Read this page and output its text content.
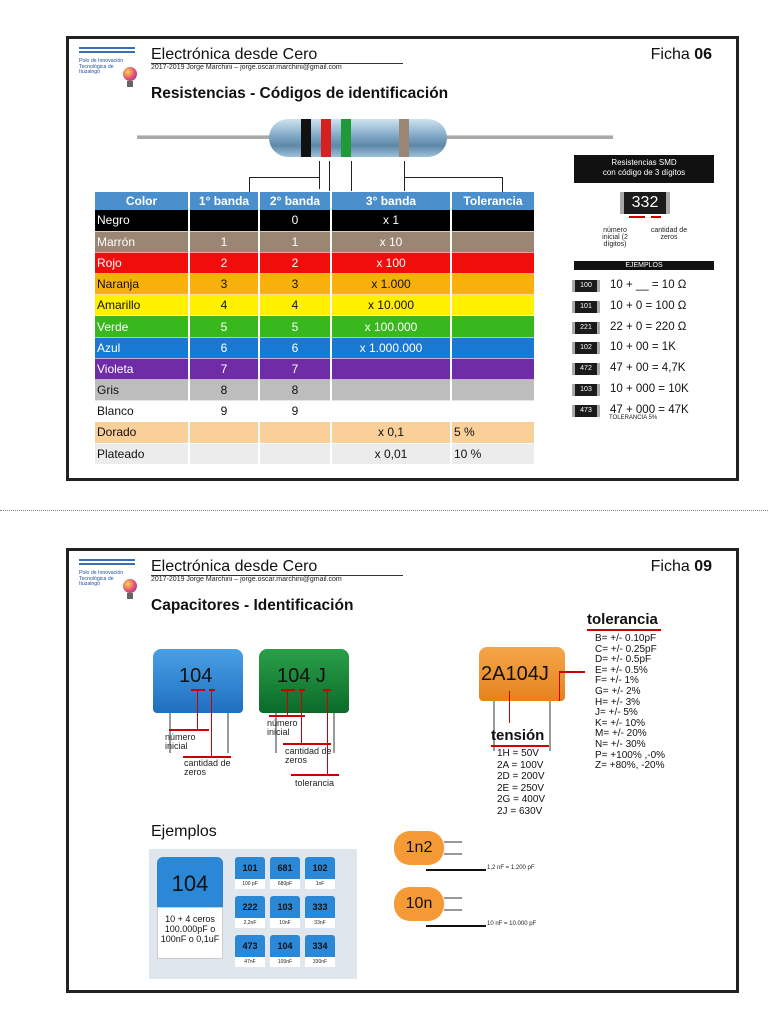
Polo de Innovación Tecnológica de Ituzaingó
Electrónica desde Cero
2017-2019 Jorge Marchini – jorge.oscar.marchini@gmail.com
Ficha 06
Resistencias - Códigos de identificación
Color	1° banda	2° banda	3° banda	Tolerancia
Negro		0	x 1	
Marrón	1	1	x 10	
Rojo	2	2	x 100	
Naranja	3	3	x 1.000	
Amarillo	4	4	x 10.000	
Verde	5	5	x 100.000	
Azul	6	6	x 1.000.000	
Violeta	7	7		
Gris	8	8		
Blanco	9	9		
Dorado			x 0,1	5 %
Plateado			x 0,01	10 %
Resistencias SMD
con código de 3 dígitos
332
número inicial (2 dígitos)
cantidad de zeros
EJEMPLOS
100	10 + __ = 10 Ω
101	10 + 0 = 100 Ω
221	22 + 0 = 220 Ω
102	10 + 00 = 1K
472	47 + 00 = 4,7K
103	10 + 000 = 10K
473	47 + 000 = 47K
TOLERANCIA 5%
Polo de Innovación Tecnológica de Ituzaingó
Electrónica desde Cero
2017-2019 Jorge Marchini – jorge.oscar.marchini@gmail.com
Ficha 09
Capacitores - Identificación
104
número inicial
cantidad de zeros
104 J
número inicial
cantidad de zeros
tolerancia
2A104J
tolerancia
B= +/- 0.10pF
C= +/- 0.25pF
D= +/- 0.5pF
E= +/- 0.5%
F= +/- 1%
G= +/- 2%
H= +/- 3%
J= +/- 5%
K= +/- 10%
M= +/- 20%
N= +/- 30%
P= +100% ,-0%
Z= +80%, -20%
tensión
1H = 50V
2A = 100V
2D = 200V
2E = 250V
2G = 400V
2J = 630V
Ejemplos
104
10 + 4 ceros 100.000pF o 100nF o 0,1uF
101
100 pF
681
680pF
102
1nF
222
2,2nF
103
10nF
333
33nF
473
47nF
104
100nF
334
330nF
1n2
1,2 nF = 1.200 pF
10n
10 nF = 10.000 pF
